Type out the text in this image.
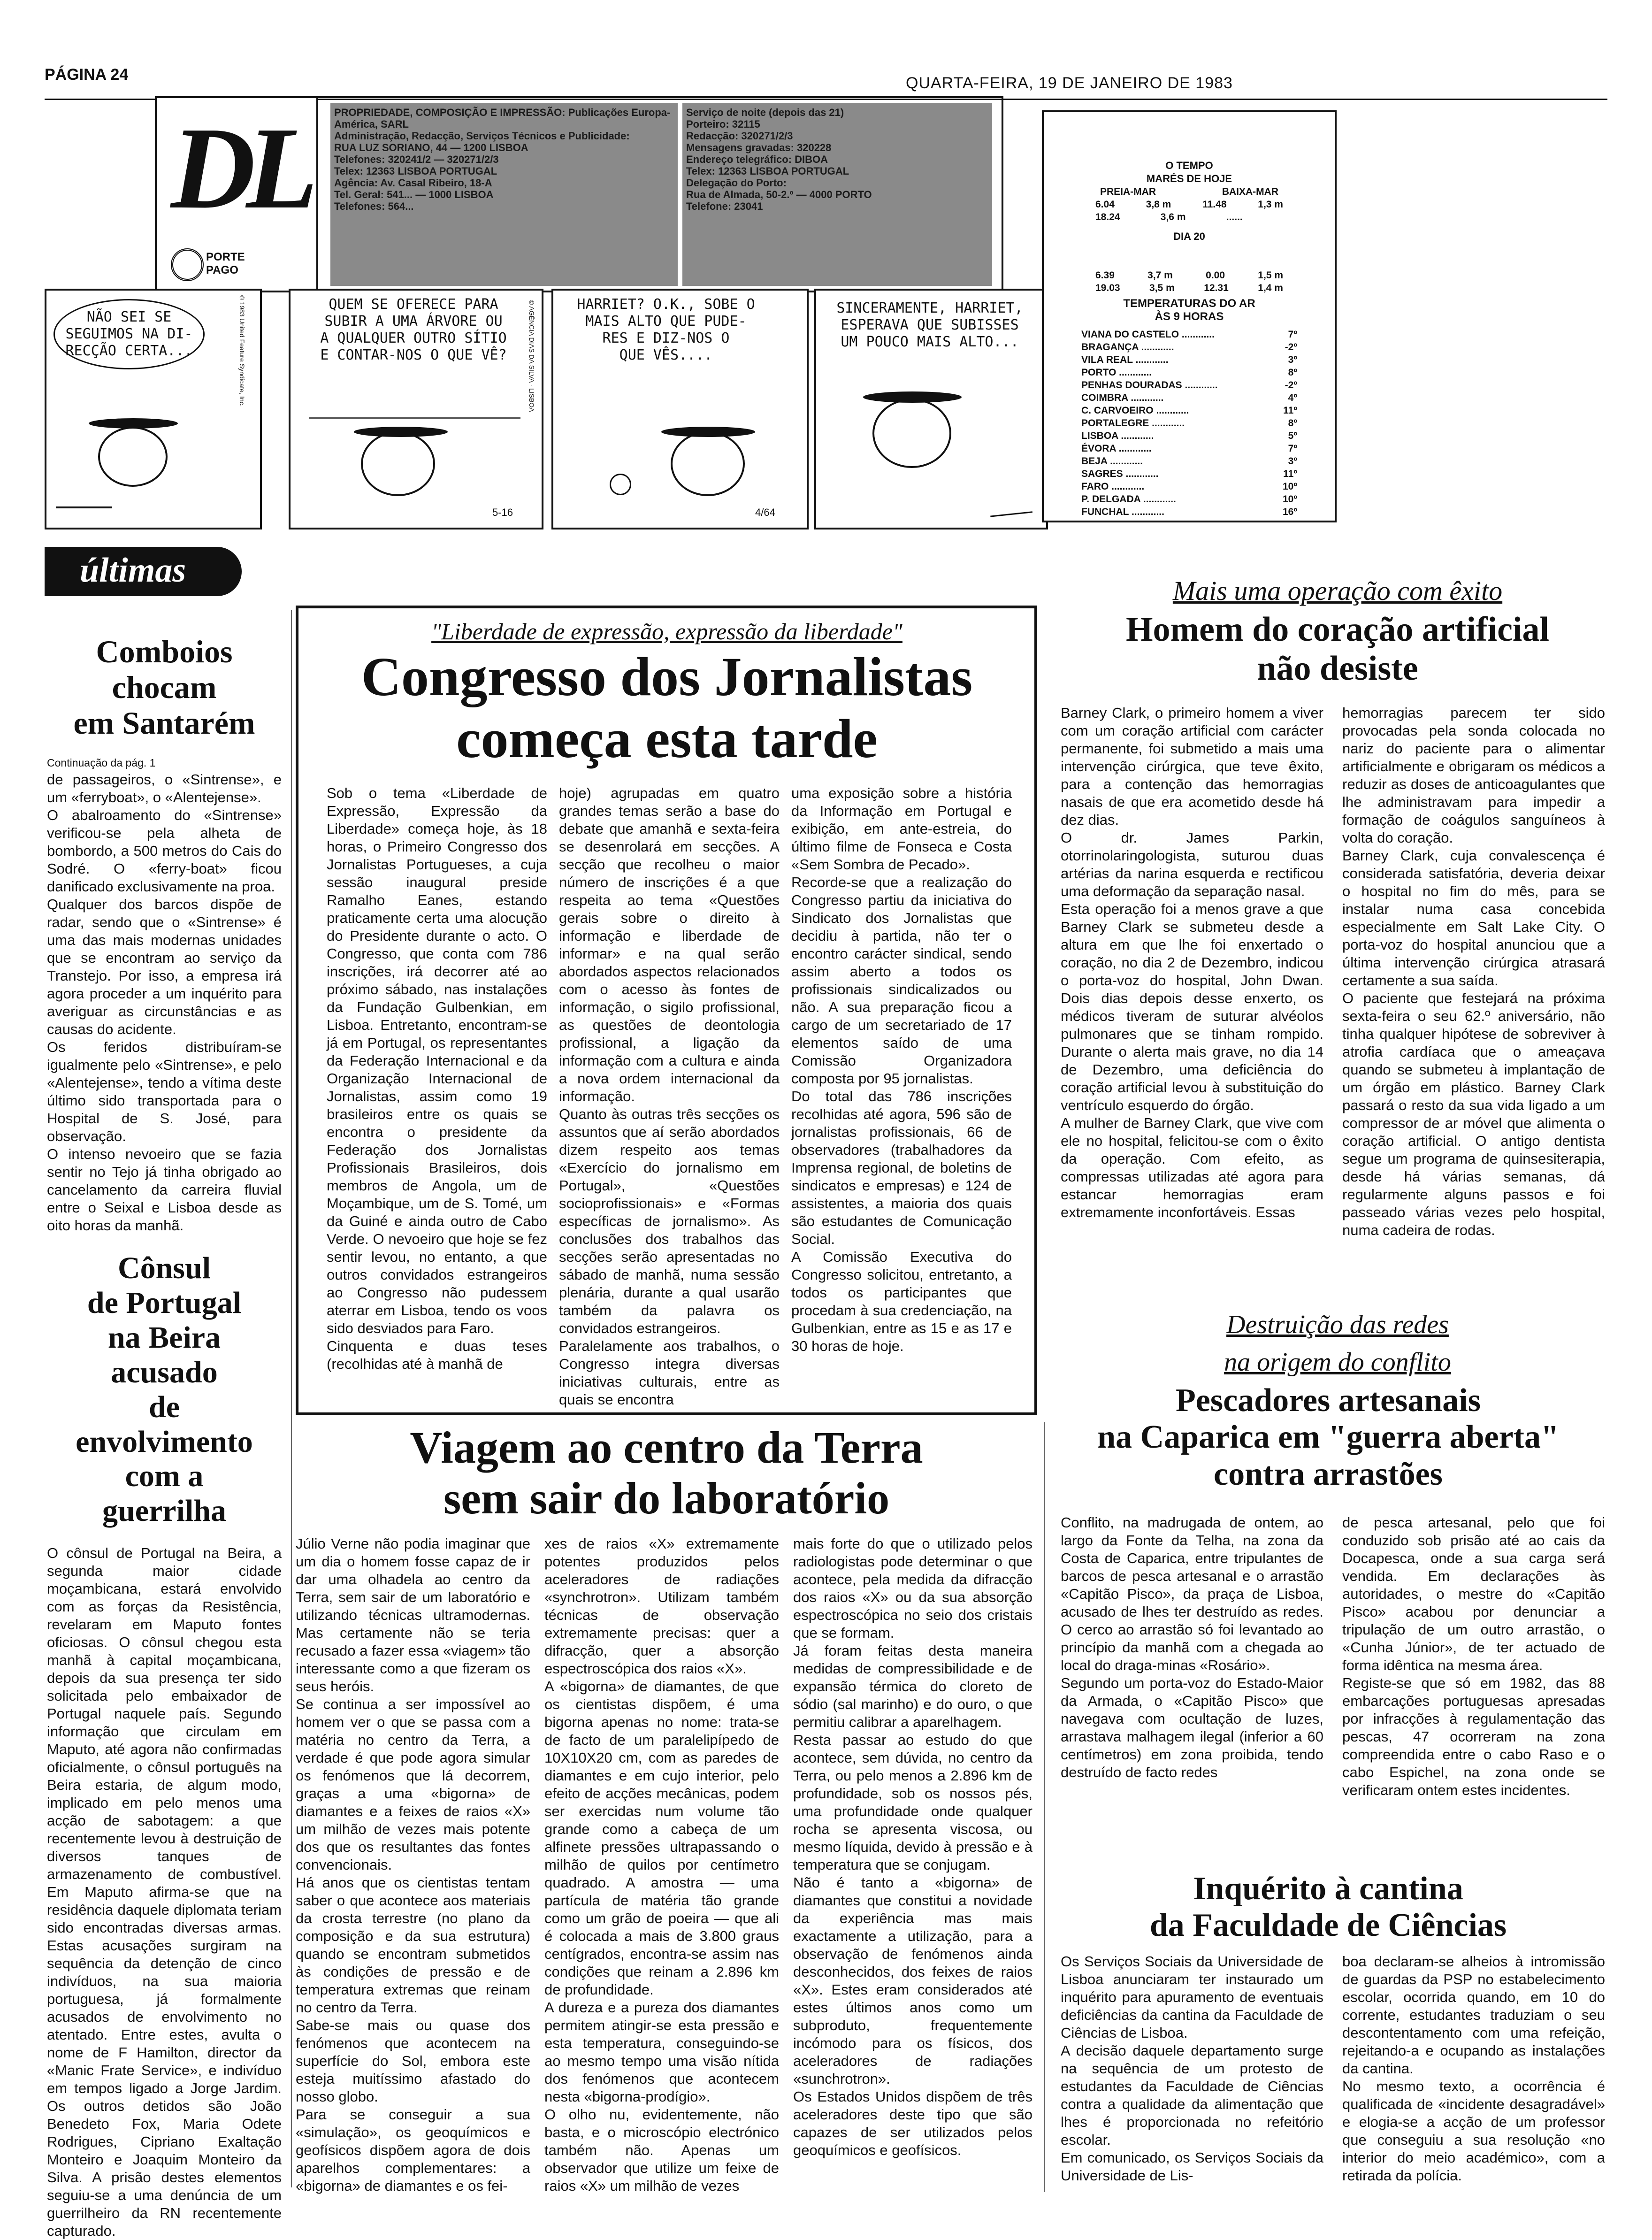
PÁGINA 24	QUARTA-FEIRA, 19 DE JANEIRO DE 1983
DL
PORTE PAGO
PROPRIEDADE, COMPOSIÇÃO E IMPRESSÃO: Publicações Europa-América, SARL
Administração, Redacção, Serviços Técnicos e Publicidade:
RUA LUZ SORIANO, 44 — 1200 LISBOA
Telefones: 320241/2 — 320271/2/3
Telex: 12363 LISBOA PORTUGAL
Agência: Av. Casal Ribeiro, 18-A
Tel. Geral: 541... — 1000 LISBOA
Telefones: 564...
Serviço de noite (depois das 21)
Porteiro: 32115
Redacção: 320271/2/3
Mensagens gravadas: 320228
Endereço telegráfico: DIBOA
Telex: 12363 LISBOA PORTUGAL
Delegação do Porto:
Rua de Almada, 50-2.º — 4000 PORTO
Telefone: 23041
NÃO SEI SE
SEGUIMOS NA DI-
RECÇÃO CERTA...	© 1983 United Feature Syndicate, Inc.	QUEM SE OFERECE PARA
SUBIR A UMA ÁRVORE OU
A QUALQUER OUTRO SÍTIO
E CONTAR-NOS O QUE VÊ?
5-16
© AGÊNCIA DIAS DA SILVA · LISBOA	HARRIET? O.K., SOBE O
MAIS ALTO QUE PUDE-
RES E DIZ-NOS O
QUE VÊS....
4/64
SINCERAMENTE, HARRIET,
ESPERAVA QUE SUBISSES
UM POUCO MAIS ALTO...
O TEMPO
MARÉS DE HOJE
PREIA-MAR	BAIXA-MAR
6.04	3,8 m	11.48	1,3 m
18.24	3,6 m	......
DIA 20
6.39	3,7 m	0.00	1,5 m
19.03	3,5 m	12.31	1,4 m
TEMPERATURAS DO AR
ÀS 9 HORAS
VIANA DO CASTELO ............	7º
BRAGANÇA ............	-2º
VILA REAL ............	3º
PORTO ............	8º
PENHAS DOURADAS ............	-2º
COIMBRA ............	4º
C. CARVOEIRO ............	11º
PORTALEGRE ............	8º
LISBOA ............	5º
ÉVORA ............	7º
BEJA ............	3º
SAGRES ............	11º
FARO ............	10º
P. DELGADA ............	10º
FUNCHAL ............	16º
últimas
Comboios
chocam
em Santarém
Continuação da pág. 1
de passageiros, o «Sintrense», e um «ferryboat», o «Alentejense».
O abalroamento do «Sintrense» verificou-se pela alheta de bombordo, a 500 metros do Cais do Sodré. O «ferry-boat» ficou danificado exclusivamente na proa.
Qualquer dos barcos dispõe de radar, sendo que o «Sintrense» é uma das mais modernas unidades que se encontram ao serviço da Transtejo. Por isso, a empresa irá agora proceder a um inquérito para averiguar as circunstâncias e as causas do acidente.
Os feridos distribuíram-se igualmente pelo «Sintrense», e pelo «Alentejense», tendo a vítima deste último sido transportada para o Hospital de S. José, para observação.
O intenso nevoeiro que se fazia sentir no Tejo já tinha obrigado ao cancelamento da carreira fluvial entre o Seixal e Lisboa desde as oito horas da manhã.
Cônsul
de Portugal
na Beira
acusado
de
envolvimento
com a
guerrilha
O cônsul de Portugal na Beira, a segunda maior cidade moçambicana, estará envolvido com as forças da Resistência, revelaram em Maputo fontes oficiosas. O cônsul chegou esta manhã à capital moçambicana, depois da sua presença ter sido solicitada pelo embaixador de Portugal naquele país. Segundo informação que circulam em Maputo, até agora não confirmadas oficialmente, o cônsul português na Beira estaria, de algum modo, implicado em pelo menos uma acção de sabotagem: a que recentemente levou à destruição de diversos tanques de armazenamento de combustível. Em Maputo afirma-se que na residência daquele diplomata teriam sido encontradas diversas armas. Estas acusações surgiram na sequência da detenção de cinco indivíduos, na sua maioria portuguesa, já formalmente acusados de envolvimento no atentado. Entre estes, avulta o nome de F Hamilton, director da «Manic Frate Service», e indivíduo em tempos ligado a Jorge Jardim. Os outros detidos são João Benedeto Fox, Maria Odete Rodrigues, Cipriano Exaltação Monteiro e Joaquim Monteiro da Silva. A prisão destes elementos seguiu-se a uma denúncia de um guerrilheiro da RN recentemente capturado.
"Liberdade de expressão, expressão da liberdade"
Congresso dos Jornalistas
começa esta tarde
Sob o tema «Liberdade de Expressão, Expressão da Liberdade» começa hoje, às 18 horas, o Primeiro Congresso dos Jornalistas Portugueses, a cuja sessão inaugural preside Ramalho Eanes, estando praticamente certa uma alocução do Presidente durante o acto. O Congresso, que conta com 786 inscrições, irá decorrer até ao próximo sábado, nas instalações da Fundação Gulbenkian, em Lisboa. Entretanto, encontram-se já em Portugal, os representantes da Federação Internacional e da Organização Internacional de Jornalistas, assim como 19 brasileiros entre os quais se encontra o presidente da Federação dos Jornalistas Profissionais Brasileiros, dois membros de Angola, um de Moçambique, um de S. Tomé, um da Guiné e ainda outro de Cabo Verde. O nevoeiro que hoje se fez sentir levou, no entanto, a que outros convidados estrangeiros ao Congresso não pudessem aterrar em Lisboa, tendo os voos sido desviados para Faro.
Cinquenta e duas teses (recolhidas até à manhã de
hoje) agrupadas em quatro grandes temas serão a base do debate que amanhã e sexta-feira se desenrolará em secções. A secção que recolheu o maior número de inscrições é a que respeita ao tema «Questões gerais sobre o direito à informação e liberdade de informar» e na qual serão abordados aspectos relacionados com o acesso às fontes de informação, o sigilo profissional, as questões de deontologia profissional, a ligação da informação com a cultura e ainda a nova ordem internacional da informação.
Quanto às outras três secções os assuntos que aí serão abordados dizem respeito aos temas «Exercício do jornalismo em Portugal», «Questões socioprofissionais» e «Formas específicas de jornalismo». As conclusões dos trabalhos das secções serão apresentadas no sábado de manhã, numa sessão plenária, durante a qual usarão também da palavra os convidados estrangeiros.
Paralelamente aos trabalhos, o Congresso integra diversas iniciativas culturais, entre as quais se encontra
uma exposição sobre a história da Informação em Portugal e exibição, em ante-estreia, do último filme de Fonseca e Costa «Sem Sombra de Pecado».
Recorde-se que a realização do Congresso partiu da iniciativa do Sindicato dos Jornalistas que decidiu à partida, não ter o encontro carácter sindical, sendo assim aberto a todos os profissionais sindicalizados ou não. A sua preparação ficou a cargo de um secretariado de 17 elementos saído de uma Comissão Organizadora composta por 95 jornalistas.
Do total das 786 inscrições recolhidas até agora, 596 são de jornalistas profissionais, 66 de observadores (trabalhadores da Imprensa regional, de boletins de sindicatos e empresas) e 124 de assistentes, a maioria dos quais são estudantes de Comunicação Social.
A Comissão Executiva do Congresso solicitou, entretanto, a todos os participantes que procedam à sua credenciação, na Gulbenkian, entre as 15 e as 17 e 30 horas de hoje.
Mais uma operação com êxito
Homem do coração artificial
não desiste
Barney Clark, o primeiro homem a viver com um coração artificial com carácter permanente, foi submetido a mais uma intervenção cirúrgica, que teve êxito, para a contenção das hemorragias nasais de que era acometido desde há dez dias.
O dr. James Parkin, otorrinolaringologista, suturou duas artérias da narina esquerda e rectificou uma deformação da separação nasal.
Esta operação foi a menos grave a que Barney Clark se submeteu desde a altura em que lhe foi enxertado o coração, no dia 2 de Dezembro, indicou o porta-voz do hospital, John Dwan. Dois dias depois desse enxerto, os médicos tiveram de suturar alvéolos pulmonares que se tinham rompido. Durante o alerta mais grave, no dia 14 de Dezembro, uma deficiência do coração artificial levou à substituição do ventrículo esquerdo do órgão.
A mulher de Barney Clark, que vive com ele no hospital, felicitou-se com o êxito da operação. Com efeito, as compressas utilizadas até agora para estancar hemorragias eram extremamente inconfortáveis. Essas
hemorragias parecem ter sido provocadas pela sonda colocada no nariz do paciente para o alimentar artificialmente e obrigaram os médicos a reduzir as doses de anticoagulantes que lhe administravam para impedir a formação de coágulos sanguíneos à volta do coração.
Barney Clark, cuja convalescença é considerada satisfatória, deveria deixar o hospital no fim do mês, para se instalar numa casa concebida especialmente em Salt Lake City. O porta-voz do hospital anunciou que a última intervenção cirúrgica atrasará certamente a sua saída.
O paciente que festejará na próxima sexta-feira o seu 62.º aniversário, não tinha qualquer hipótese de sobreviver à atrofia cardíaca que o ameaçava quando se submeteu à implantação de um órgão em plástico. Barney Clark passará o resto da sua vida ligado a um compressor de ar móvel que alimenta o coração artificial. O antigo dentista segue um programa de quinsesiterapia, desde há várias semanas, dá regularmente alguns passos e foi passeado várias vezes pelo hospital, numa cadeira de rodas.
Destruição das redes
na origem do conflito
Pescadores artesanais
na Caparica em "guerra aberta"
contra arrastões
Conflito, na madrugada de ontem, ao largo da Fonte da Telha, na zona da Costa de Caparica, entre tripulantes de barcos de pesca artesanal e o arrastão «Capitão Pisco», da praça de Lisboa, acusado de lhes ter destruído as redes. O cerco ao arrastão só foi levantado ao princípio da manhã com a chegada ao local do draga-minas «Rosário».
Segundo um porta-voz do Estado-Maior da Armada, o «Capitão Pisco» que navegava com ocultação de luzes, arrastava malhagem ilegal (inferior a 60 centímetros) em zona proibida, tendo destruído de facto redes
de pesca artesanal, pelo que foi conduzido sob prisão até ao cais da Docapesca, onde a sua carga será vendida. Em declarações às autoridades, o mestre do «Capitão Pisco» acabou por denunciar a tripulação de um outro arrastão, o «Cunha Júnior», de ter actuado de forma idêntica na mesma área.
Registe-se que só em 1982, das 88 embarcações portuguesas apresadas por infracções à regulamentação das pescas, 47 ocorreram na zona compreendida entre o cabo Raso e o cabo Espichel, na zona onde se verificaram ontem estes incidentes.
Inquérito à cantina
da Faculdade de Ciências
Os Serviços Sociais da Universidade de Lisboa anunciaram ter instaurado um inquérito para apuramento de eventuais deficiências da cantina da Faculdade de Ciências de Lisboa.
A decisão daquele departamento surge na sequência de um protesto de estudantes da Faculdade de Ciências contra a qualidade da alimentação que lhes é proporcionada no refeitório escolar.
Em comunicado, os Serviços Sociais da Universidade de Lis-
boa declaram-se alheios à intromissão de guardas da PSP no estabelecimento escolar, ocorrida quando, em 10 do corrente, estudantes traduziam o seu descontentamento com uma refeição, rejeitando-a e ocupando as instalações da cantina.
No mesmo texto, a ocorrência é qualificada de «incidente desagradável» e elogia-se a acção de um professor que conseguiu a sua resolução «no interior do meio académico», com a retirada da polícia.
Viagem ao centro da Terra
sem sair do laboratório
Júlio Verne não podia imaginar que um dia o homem fosse capaz de ir dar uma olhadela ao centro da Terra, sem sair de um laboratório e utilizando técnicas ultramodernas. Mas certamente não se teria recusado a fazer essa «viagem» tão interessante como a que fizeram os seus heróis.
Se continua a ser impossível ao homem ver o que se passa com a matéria no centro da Terra, a verdade é que pode agora simular os fenómenos que lá decorrem, graças a uma «bigorna» de diamantes e a feixes de raios «X» um milhão de vezes mais potente dos que os resultantes das fontes convencionais.
Há anos que os cientistas tentam saber o que acontece aos materiais da crosta terrestre (no plano da composição e da sua estrutura) quando se encontram submetidos às condições de pressão e de temperatura extremas que reinam no centro da Terra.
Sabe-se mais ou quase dos fenómenos que acontecem na superfície do Sol, embora este esteja muitíssimo afastado do nosso globo.
Para se conseguir a sua «simulação», os geoquímicos e geofísicos dispõem agora de dois aparelhos complementares: a «bigorna» de diamantes e os fei-
xes de raios «X» extremamente potentes produzidos pelos aceleradores de radiações «synchrotron». Utilizam também técnicas de observação extremamente precisas: quer a difracção, quer a absorção espectroscópica dos raios «X».
A «bigorna» de diamantes, de que os cientistas dispõem, é uma bigorna apenas no nome: trata-se de facto de um paralelipípedo de 10X10X20 cm, com as paredes de diamantes e em cujo interior, pelo efeito de acções mecânicas, podem ser exercidas num volume tão grande como a cabeça de um alfinete pressões ultrapassando o milhão de quilos por centímetro quadrado. A amostra — uma partícula de matéria tão grande como um grão de poeira — que ali é colocada a mais de 3.800 graus centígrados, encontra-se assim nas condições que reinam a 2.896 km de profundidade.
A dureza e a pureza dos diamantes permitem atingir-se esta pressão e esta temperatura, conseguindo-se ao mesmo tempo uma visão nítida dos fenómenos que acontecem nesta «bigorna-prodígio».
O olho nu, evidentemente, não basta, e o microscópio electrónico também não. Apenas um observador que utilize um feixe de raios «X» um milhão de vezes
mais forte do que o utilizado pelos radiologistas pode determinar o que acontece, pela medida da difracção dos raios «X» ou da sua absorção espectroscópica no seio dos cristais que se formam.
Já foram feitas desta maneira medidas de compressibilidade e de expansão térmica do cloreto de sódio (sal marinho) e do ouro, o que permitiu calibrar a aparelhagem.
Resta passar ao estudo do que acontece, sem dúvida, no centro da Terra, ou pelo menos a 2.896 km de profundidade, sob os nossos pés, uma profundidade onde qualquer rocha se apresenta viscosa, ou mesmo líquida, devido à pressão e à temperatura que se conjugam.
Não é tanto a «bigorna» de diamantes que constitui a novidade da experiência mas mais exactamente a utilização, para a observação de fenómenos ainda desconhecidos, dos feixes de raios «X». Estes eram considerados até estes últimos anos como um subproduto, frequentemente incómodo para os físicos, dos aceleradores de radiações «sunchrotron».
Os Estados Unidos dispõem de três aceleradores deste tipo que são capazes de ser utilizados pelos geoquímicos e geofísicos.
